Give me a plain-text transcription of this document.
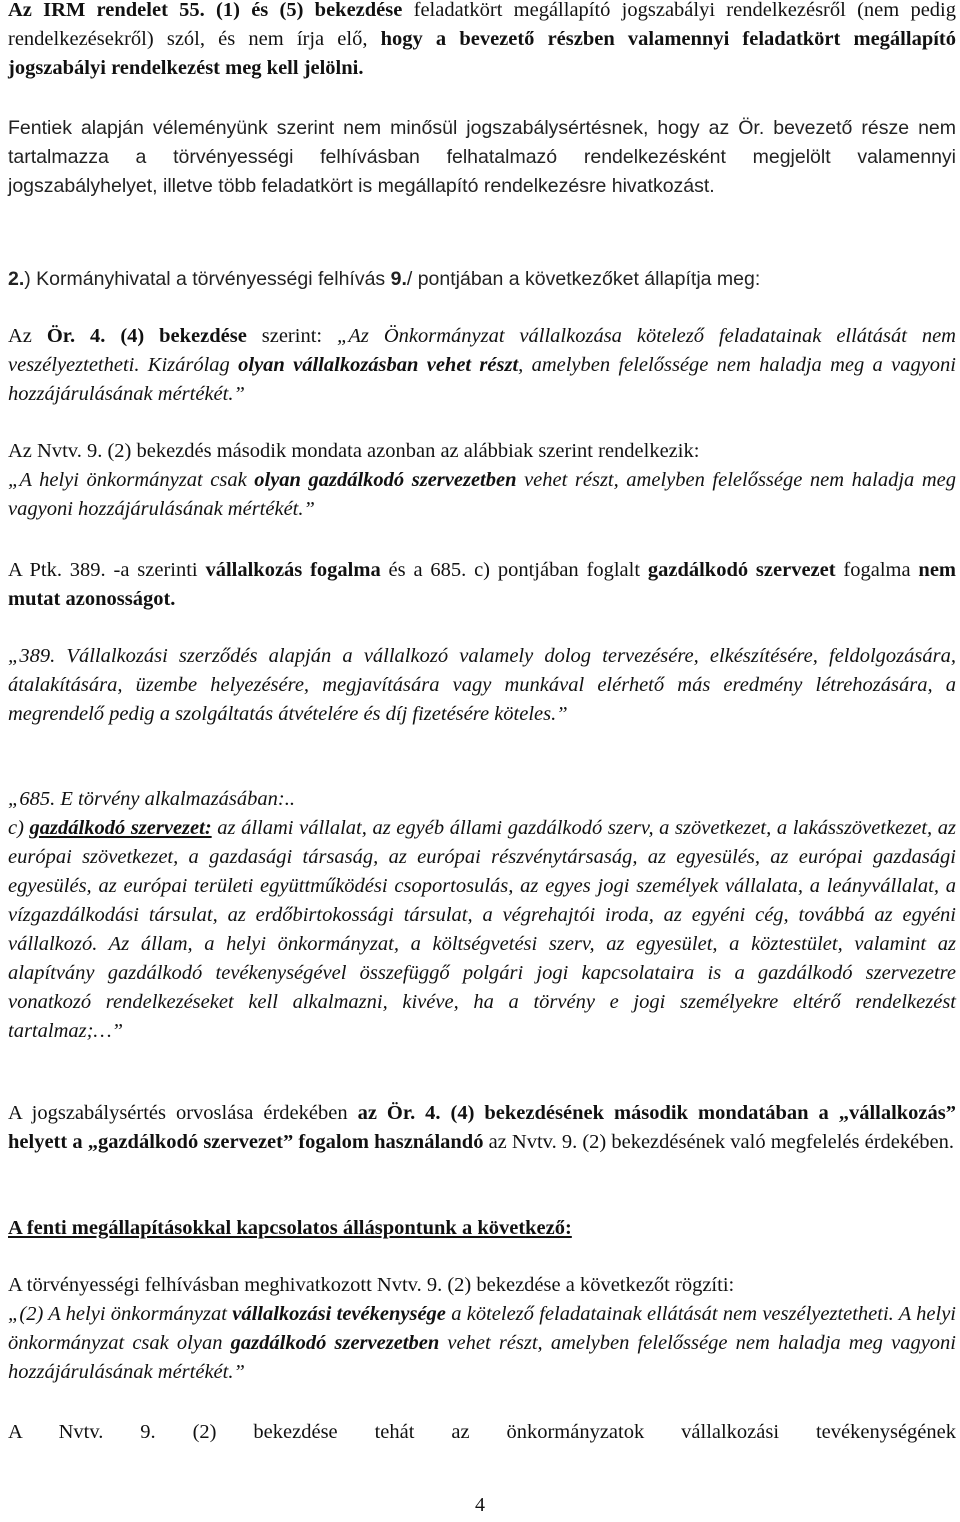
Az IRM rendelet 55. (1) és (5) bekezdése feladatkört megállapító jogszabályi rendelkezésről (nem pedig rendelkezésekről) szól, és nem írja elő, hogy a bevezető részben valamennyi feladatkört megállapító jogszabályi rendelkezést meg kell jelölni.

Fentiek alapján véleményünk szerint nem minősül jogszabálysértésnek, hogy az Ör. bevezető része nem tartalmazza a törvényességi felhívásban felhatalmazó rendelkezésként megjelölt valamennyi jogszabályhelyet, illetve több feladatkört is megállapító rendelkezésre hivatkozást.

2.) Kormányhivatal a törvényességi felhívás 9./ pontjában a következőket állapítja meg:

Az Ör. 4. (4) bekezdése szerint: „Az Önkormányzat vállalkozása kötelező feladatainak ellátását nem veszélyeztetheti. Kizárólag olyan vállalkozásban vehet részt, amelyben felelőssége nem haladja meg a vagyoni hozzájárulásának mértékét.”

Az Nvtv. 9. (2) bekezdés második mondata azonban az alábbiak szerint rendelkezik:
„A helyi önkormányzat csak olyan gazdálkodó szervezetben vehet részt, amelyben felelőssége nem haladja meg vagyoni hozzájárulásának mértékét.”

A Ptk. 389. -a szerinti vállalkozás fogalma és a 685. c) pontjában foglalt gazdálkodó szervezet fogalma nem mutat azonosságot.

„389. Vállalkozási szerződés alapján a vállalkozó valamely dolog tervezésére, elkészítésére, feldolgozására, átalakítására, üzembe helyezésére, megjavítására vagy munkával elérhető más eredmény létrehozására, a megrendelő pedig a szolgáltatás átvételére és díj fizetésére köteles.”

„685. E törvény alkalmazásában:..
c) gazdálkodó szervezet: az állami vállalat, az egyéb állami gazdálkodó szerv, a szövetkezet, a lakásszövetkezet, az európai szövetkezet, a gazdasági társaság, az európai részvénytársaság, az egyesülés, az európai gazdasági egyesülés, az európai területi együttműködési csoportosulás, az egyes jogi személyek vállalata, a leányvállalat, a vízgazdálkodási társulat, az erdőbirtokossági társulat, a végrehajtói iroda, az egyéni cég, továbbá az egyéni vállalkozó. Az állam, a helyi önkormányzat, a költségvetési szerv, az egyesület, a köztestület, valamint az alapítvány gazdálkodó tevékenységével összefüggő polgári jogi kapcsolataira is a gazdálkodó szervezetre vonatkozó rendelkezéseket kell alkalmazni, kivéve, ha a törvény e jogi személyekre eltérő rendelkezést tartalmaz;…”

A jogszabálysértés orvoslása érdekében az Ör. 4. (4) bekezdésének második mondatában a „vállalkozás” helyett a „gazdálkodó szervezet” fogalom használandó az Nvtv. 9. (2) bekezdésének való megfelelés érdekében.

A fenti megállapításokkal kapcsolatos álláspontunk a következő:

A törvényességi felhívásban meghivatkozott Nvtv. 9. (2) bekezdése a következőt rögzíti:
„(2) A helyi önkormányzat vállalkozási tevékenysége a kötelező feladatainak ellátását nem veszélyeztetheti. A helyi önkormányzat csak olyan gazdálkodó szervezetben vehet részt, amelyben felelőssége nem haladja meg vagyoni hozzájárulásának mértékét.”

A Nvtv. 9. (2) bekezdése tehát az önkormányzatok vállalkozási tevékenységének

4
